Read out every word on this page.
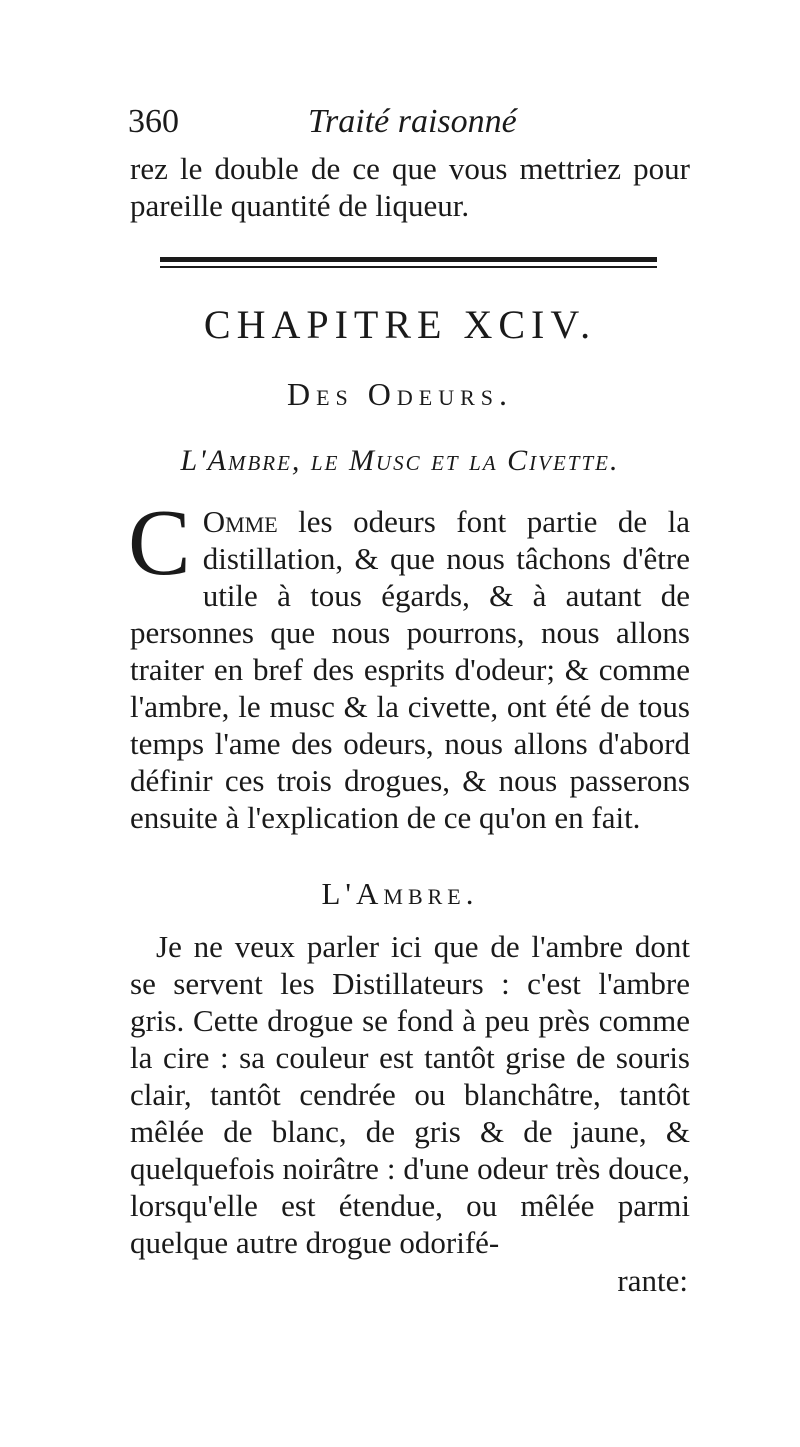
360	Traité raisonné

rez le double de ce que vous mettriez pour pareille quantité de liqueur.

CHAPITRE XCIV.
Des Odeurs.
L'Ambre, le Musc et la Civette.

C Omme les odeurs font partie de la distillation, & que nous tâchons d'être utile à tous égards, & à autant de personnes que nous pourrons, nous allons traiter en bref des esprits d'odeur; & comme l'ambre, le musc & la civette, ont été de tous temps l'ame des odeurs, nous allons d'abord définir ces trois drogues, & nous passerons ensuite à l'explication de ce qu'on en fait.

L'Ambre.

Je ne veux parler ici que de l'ambre dont se servent les Distillateurs : c'est l'ambre gris. Cette drogue se fond à peu près comme la cire : sa couleur est tantôt grise de souris clair, tantôt cendrée ou blanchâtre, tantôt mêlée de blanc, de gris & de jaune, & quelquefois noirâtre : d'une odeur très douce, lorsqu'elle est étendue, ou mêlée parmi quelque autre drogue odorifé-

rante:
